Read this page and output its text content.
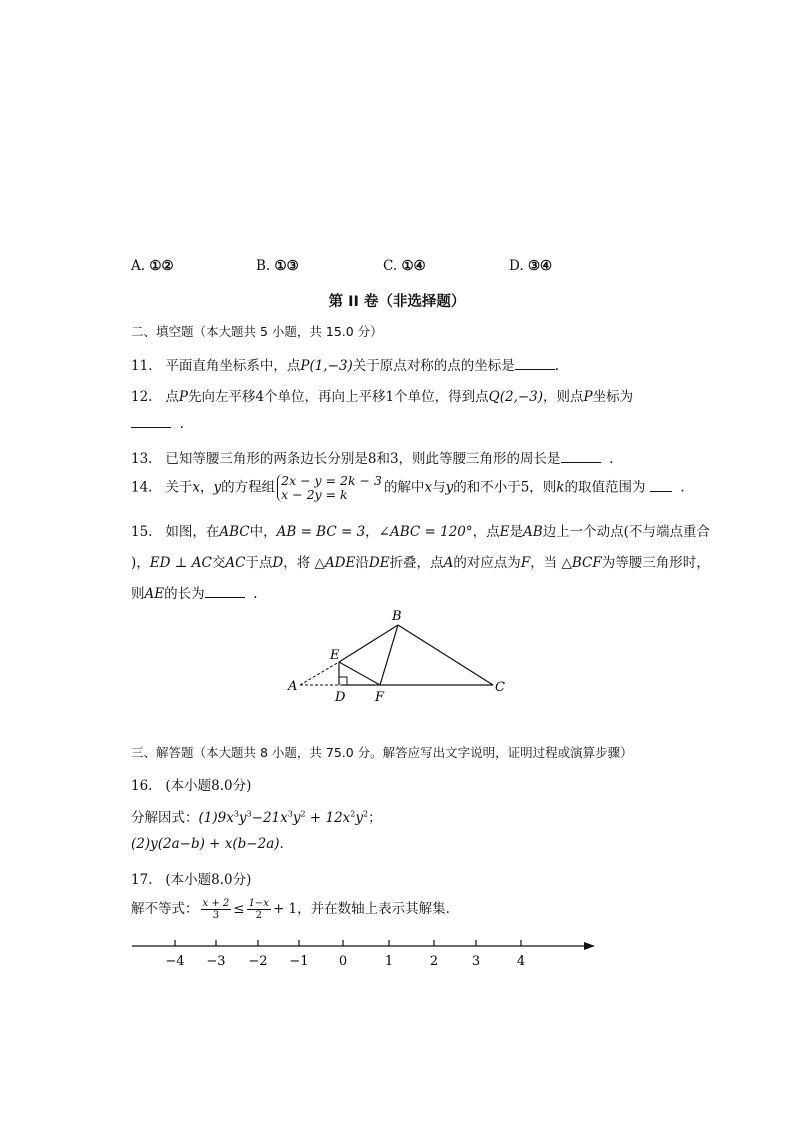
A. ①②	B. ①③	C. ①④	D. ③④
第 II 卷（非选择题）
二、填空题（本大题共 5 小题，共 15.0 分）
11. 平面直角坐标系中，点P(1,−3)关于原点对称的点的坐标是	.
12. 点P先向左平移4个单位，再向上平移1个单位，得到点Q(2,−3)，则点P坐标为
.
13. 已知等腰三角形的两条边长分别是8和3，则此等腰三角形的周长是	.
14. 关于x，y的方程组 2x − y = 2k − 3
x − 2y = k	的解中x与y的和不小于5，则k的取值范围为	.
15. 如图，在ABC中，AB = BC = 3，∠ABC = 120°，点E是AB边上一个动点(不与端点重合
)，ED ⊥ AC交AC于点D，将 △ADE沿DE折叠，点A的对应点为F，当 △BCF为等腰三角形时，
则AE的长为	.
B
E
A
D F
C
三、解答题（本大题共 8 小题，共 75.0 分。解答应写出文字说明，证明过程或演算步骤）
16. (本小题8.0分)
分解因式：$(1)9x^3y^3-21x^3y^2 + 12x^2y^2$；
(2)y(2a−b) + x(b−2a).
17. (本小题8.0分)
解不等式： $\frac{x + 2}{3} \le \frac{1-x}{2} + 1$，并在数轴上表示其解集.
−4 −3 −2 −1 0	1	2	3	4
